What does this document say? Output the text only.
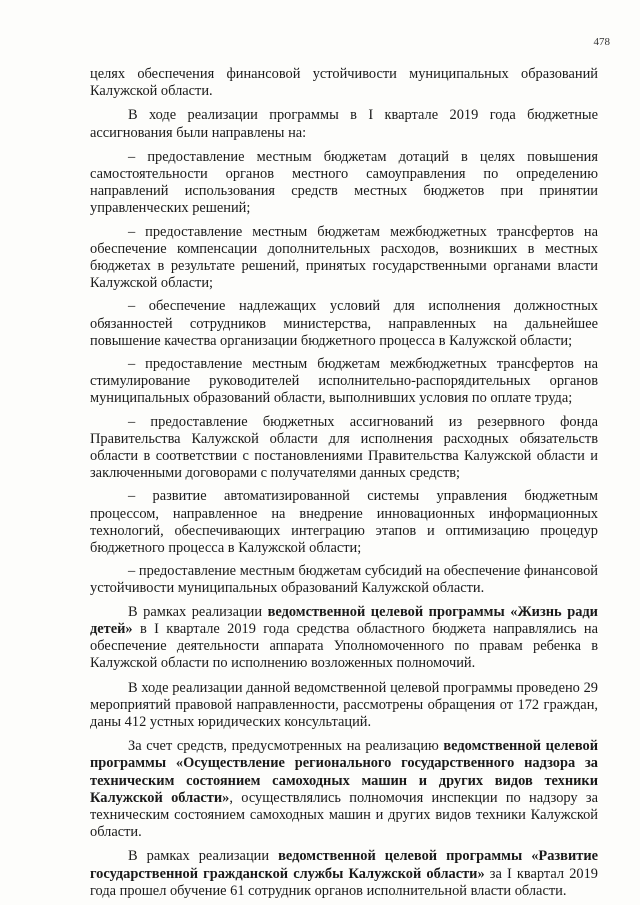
478

целях обеспечения финансовой устойчивости муниципальных образований Калужской области.

В ходе реализации программы в I квартале 2019 года бюджетные ассигнования были направлены на:

– предоставление местным бюджетам дотаций в целях повышения самостоятельности органов местного самоуправления по определению направлений использования средств местных бюджетов при принятии управленческих решений;

– предоставление местным бюджетам межбюджетных трансфертов на обеспечение компенсации дополнительных расходов, возникших в местных бюджетах в результате решений, принятых государственными органами власти Калужской области;

– обеспечение надлежащих условий для исполнения должностных обязанностей сотрудников министерства, направленных на дальнейшее повышение качества организации бюджетного процесса в Калужской области;

– предоставление местным бюджетам межбюджетных трансфертов на стимулирование руководителей исполнительно-распорядительных органов муниципальных образований области, выполнивших условия по оплате труда;

– предоставление бюджетных ассигнований из резервного фонда Правительства Калужской области для исполнения расходных обязательств области в соответствии с постановлениями Правительства Калужской области и заключенными договорами с получателями данных средств;

– развитие автоматизированной системы управления бюджетным процессом, направленное на внедрение инновационных информационных технологий, обеспечивающих интеграцию этапов и оптимизацию процедур бюджетного процесса в Калужской области;

– предоставление местным бюджетам субсидий на обеспечение финансовой устойчивости муниципальных образований Калужской области.

В рамках реализации ведомственной целевой программы «Жизнь ради детей» в I квартале 2019 года средства областного бюджета направлялись на обеспечение деятельности аппарата Уполномоченного по правам ребенка в Калужской области по исполнению возложенных полномочий.

В ходе реализации данной ведомственной целевой программы проведено 29 мероприятий правовой направленности, рассмотрены обращения от 172 граждан, даны 412 устных юридических консультаций.

За счет средств, предусмотренных на реализацию ведомственной целевой программы «Осуществление регионального государственного надзора за техническим состоянием самоходных машин и других видов техники Калужской области», осуществлялись полномочия инспекции по надзору за техническим состоянием самоходных машин и других видов техники Калужской области.

В рамках реализации ведомственной целевой программы «Развитие государственной гражданской службы Калужской области» за I квартал 2019 года прошел обучение 61 сотрудник органов исполнительной власти области.
